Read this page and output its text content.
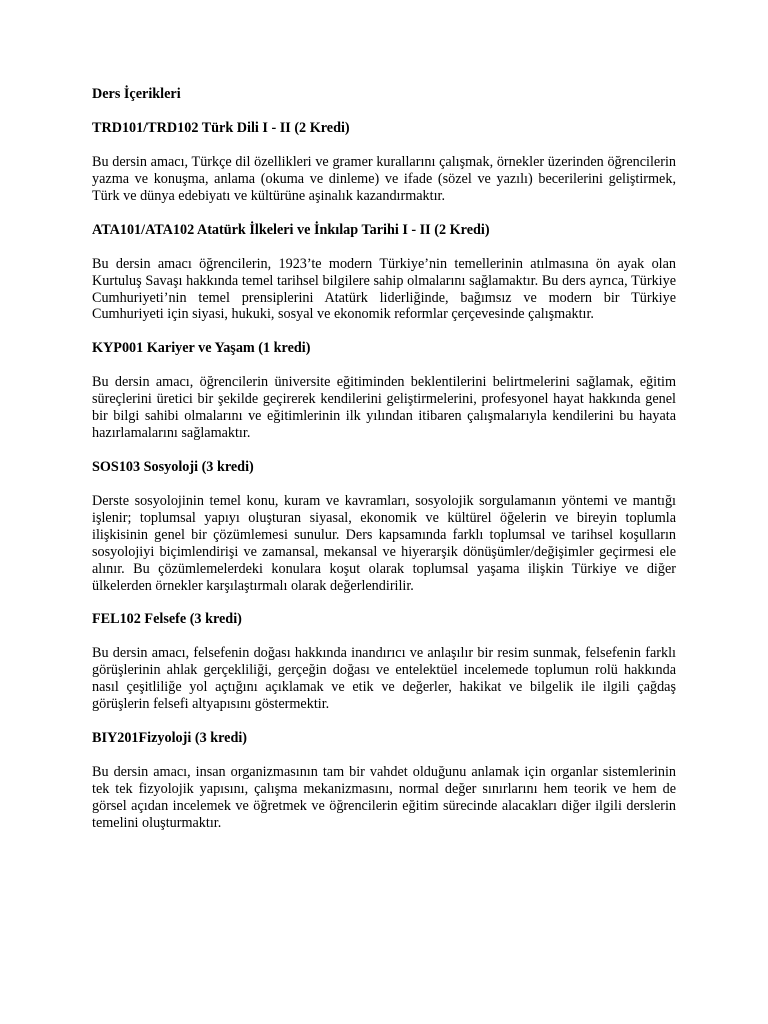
Ders İçerikleri

TRD101/TRD102 Türk Dili I - II (2 Kredi)

Bu dersin amacı, Türkçe dil özellikleri ve gramer kurallarını çalışmak, örnekler üzerinden öğrencilerin yazma ve konuşma, anlama (okuma ve dinleme) ve ifade (sözel ve yazılı) becerilerini geliştirmek, Türk ve dünya edebiyatı ve kültürüne aşinalık kazandırmaktır.

ATA101/ATA102 Atatürk İlkeleri ve İnkılap Tarihi I - II (2 Kredi)

Bu dersin amacı öğrencilerin, 1923’te modern Türkiye’nin temellerinin atılmasına ön ayak olan Kurtuluş Savaşı hakkında temel tarihsel bilgilere sahip olmalarını sağlamaktır. Bu ders ayrıca, Türkiye Cumhuriyeti’nin temel prensiplerini Atatürk liderliğinde, bağımsız ve modern bir Türkiye Cumhuriyeti için siyasi, hukuki, sosyal ve ekonomik reformlar çerçevesinde çalışmaktır.

KYP001 Kariyer ve Yaşam (1 kredi)

Bu dersin amacı, öğrencilerin üniversite eğitiminden beklentilerini belirtmelerini sağlamak, eğitim süreçlerini üretici bir şekilde geçirerek kendilerini geliştirmelerini, profesyonel hayat hakkında genel bir bilgi sahibi olmalarını ve eğitimlerinin ilk yılından itibaren çalışmalarıyla kendilerini bu hayata hazırlamalarını sağlamaktır.

SOS103 Sosyoloji (3 kredi)

Derste sosyolojinin temel konu, kuram ve kavramları, sosyolojik sorgulamanın yöntemi ve mantığı işlenir; toplumsal yapıyı oluşturan siyasal, ekonomik ve kültürel öğelerin ve bireyin toplumla ilişkisinin genel bir çözümlemesi sunulur. Ders kapsamında farklı toplumsal ve tarihsel koşulların sosyolojiyi biçimlendirişi ve zamansal, mekansal ve hiyerarşik dönüşümler/değişimler geçirmesi ele alınır. Bu çözümlemelerdeki konulara koşut olarak toplumsal yaşama ilişkin Türkiye ve diğer ülkelerden örnekler karşılaştırmalı olarak değerlendirilir.

FEL102 Felsefe (3 kredi)

Bu dersin amacı, felsefenin doğası hakkında inandırıcı ve anlaşılır bir resim sunmak, felsefenin farklı görüşlerinin ahlak gerçekliliği, gerçeğin doğası ve entelektüel incelemede toplumun rolü hakkında nasıl çeşitliliğe yol açtığını açıklamak ve etik ve değerler, hakikat ve bilgelik ile ilgili çağdaş görüşlerin felsefi altyapısını göstermektir.

BIY201Fizyoloji (3 kredi)

Bu dersin amacı, insan organizmasının tam bir vahdet olduğunu anlamak için organlar sistemlerinin tek tek fizyolojik yapısını, çalışma mekanizmasını, normal değer sınırlarını hem teorik ve hem de görsel açıdan incelemek ve öğretmek ve öğrencilerin eğitim sürecinde alacakları diğer ilgili derslerin temelini oluşturmaktır.
